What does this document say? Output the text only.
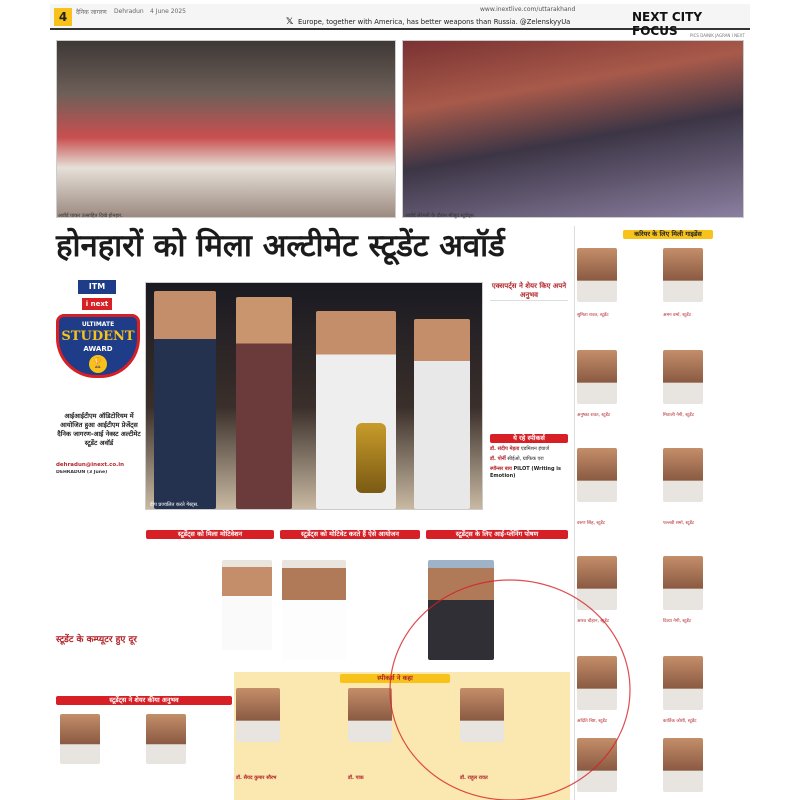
4	दैनिक जागरण Dehradun 4 June 2025	www.inextlive.com/uttarakhand
𝕏 Europe, together with America, has better weapons than Russia. @ZelenskyyUa	NEXT CITY FOCUS	PICS DAINIK JAGRAN I NEXT
अवॉर्ड पाकर उत्साहित दिखे होनहार.	अवॉर्ड सेरेमनी के दौरान मौजूद स्टूडेंट्स.
होनहारों को मिला अल्टीमेट स्टूडेंट अवॉर्ड
ITM
i next
ULTIMATE
STUDENT
AWARD
🏆
आईआईटीएम ऑडिटोरियम में आयोजित हुआ आईटीएम प्रेजेंट्स दैनिक जागरण-आई नेक्स्ट अल्टीमेट स्टूडेंट अवॉर्ड
dehradun@inext.co.in
DEHRADUN (3 June)
स्टूडेंट के कम्प्यूटर हुए दूर
दीप प्रज्वलित करते गेस्ट्स.
एक्सपर्ट्स ने शेयर किए अपने अनुभव
ये रहे स्पीकर्स
डॉ. संदीप मेहता एडमिशन इंचार्ज
डॉ. पोर्नी सीईओ, ग्राफिक एरा
स्पॉन्सर बाय PILOT (Writing is Emotion)
स्टूडेंट्स को मिला मोटिवेशन	स्टूडेंट्स को मोटिवेट करते हैं ऐसे आयोजन	स्टूडेंट्स के लिए आई-प्लेनिंग पोषण
स्पीकर्स ने कहा
डॉ. सैयद कुमार सौरभ	डॉ. पाक	डॉ. राहुल रावत
स्टूडेंट्स ने शेयर कीया अनुभव
करियर के लिए मिली गाइडेंस
सुमिता रावत, स्टूडेंट	अमन वर्मा, स्टूडेंट
अनुष्का रावत, स्टूडेंट	मिताली नेगी, स्टूडेंट
वरुण सिंह, स्टूडेंट	पल्लवी शर्मा, स्टूडेंट
आरव चौहान, स्टूडेंट	दिव्या नेगी, स्टूडेंट
अदिति बिष्ट, स्टूडेंट	कार्तिक जोशी, स्टूडेंट
